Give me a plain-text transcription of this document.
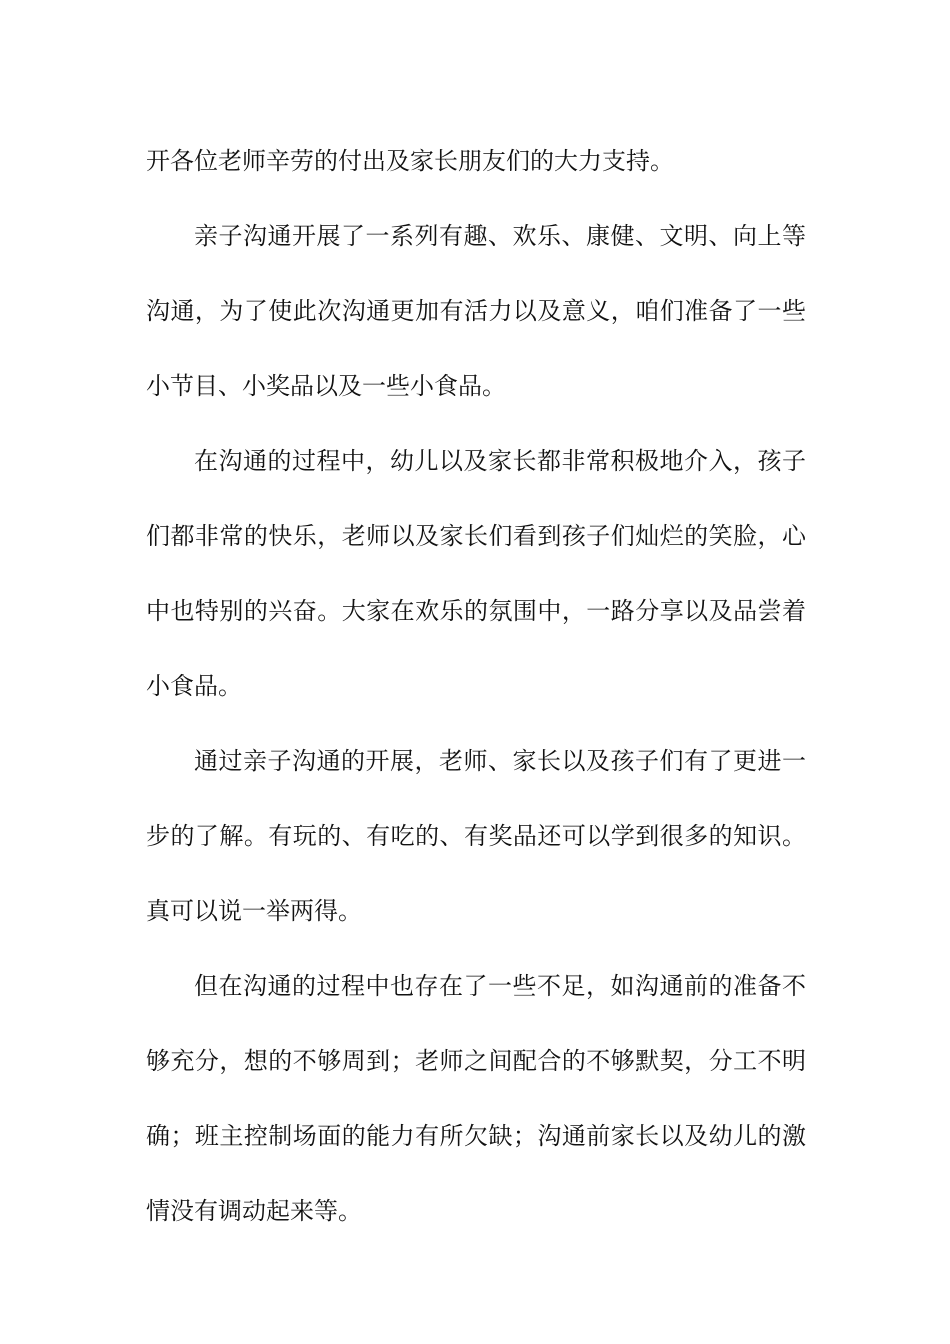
开各位老师辛劳的付出及家长朋友们的大力支持。

亲子沟通开展了一系列有趣、欢乐、康健、文明、向上等沟通，为了使此次沟通更加有活力以及意义，咱们准备了一些小节目、小奖品以及一些小食品。

在沟通的过程中，幼儿以及家长都非常积极地介入，孩子们都非常的快乐，老师以及家长们看到孩子们灿烂的笑脸，心中也特别的兴奋。大家在欢乐的氛围中，一路分享以及品尝着小食品。

通过亲子沟通的开展，老师、家长以及孩子们有了更进一步的了解。有玩的、有吃的、有奖品还可以学到很多的知识。真可以说一举两得。

但在沟通的过程中也存在了一些不足，如沟通前的准备不够充分，想的不够周到；老师之间配合的不够默契，分工不明确；班主控制场面的能力有所欠缺；沟通前家长以及幼儿的激情没有调动起来等。
